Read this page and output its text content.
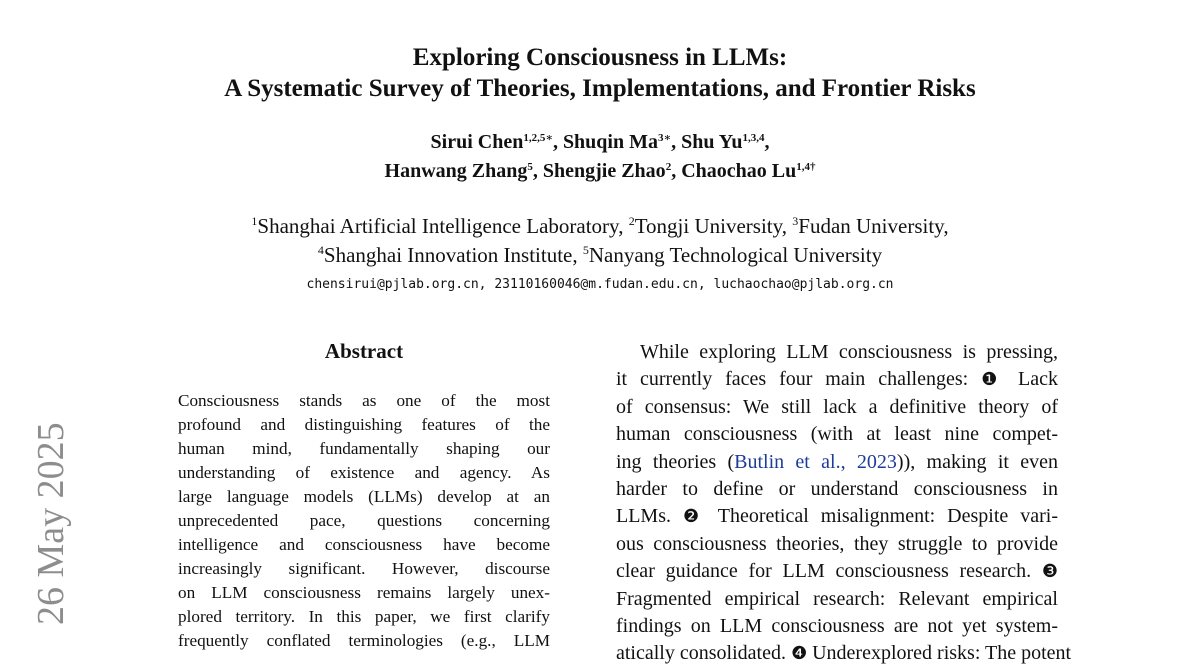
26 May 2025
Exploring Consciousness in LLMs:
A Systematic Survey of Theories, Implementations, and Frontier Risks
Sirui Chen$^{1,2,5∗}$, Shuqin $Ma^{3∗}$, Shu Yu$^{1,3,4}$,
Hanwang Zhang$^5$, Shengjie Zhao$^2$, Chaochao $Lu^{1,4\dagger}$
$^1$Shanghai Artificial Intelligence Laboratory, $^2$Tongji University, $^3$Fudan University,
$^4$Shanghai Innovation Institute, $^5$Nanyang Technological University
chensirui@pjlab.org.cn, 23110160046@m.fudan.edu.cn, luchaochao@pjlab.org.cn
Abstract
Consciousness stands as one of the most
profound and distinguishing features of the
human mind, fundamentally shaping our
understanding of existence and agency. As
large language models (LLMs) develop at an
unprecedented pace, questions concerning
intelligence and consciousness have become
increasingly significant. However, discourse
on LLM consciousness remains largely unex-
plored territory. In this paper, we first clarify
frequently conflated terminologies (e.g., LLM
While exploring LLM consciousness is pressing,
it currently faces four main challenges: ❶ Lack
of consensus: We still lack a definitive theory of
human consciousness (with at least nine compet-
ing theories (Butlin et al., 2023)), making it even
harder to define or understand consciousness in
LLMs. ❷ Theoretical misalignment: Despite vari-
ous consciousness theories, they struggle to provide
clear guidance for LLM consciousness research. ❸
Fragmented empirical research: Relevant empirical
findings on LLM consciousness are not yet system-
atically consolidated. ❹ Underexplored risks: The potent
